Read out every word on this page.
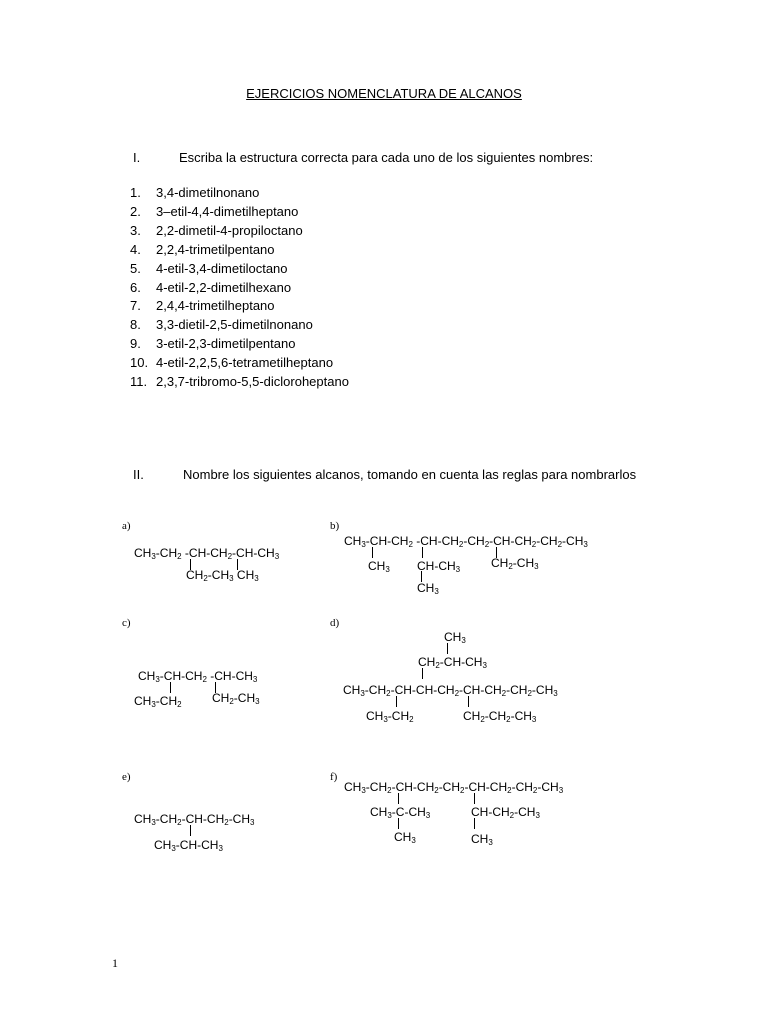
EJERCICIOS NOMENCLATURA DE ALCANOS
I.	Escriba la estructura correcta para cada uno de los siguientes nombres:
1. 3,4-dimetilnonano
2. 3–etil-4,4-dimetilheptano
3. 2,2-dimetil-4-propiloctano
4. 2,2,4-trimetilpentano
5. 4-etil-3,4-dimetiloctano
6. 4-etil-2,2-dimetilhexano
7. 2,4,4-trimetilheptano
8. 3,3-dietil-2,5-dimetilnonano
9. 3-etil-2,3-dimetilpentano
10. 4-etil-2,2,5,6-tetrametilheptano
11. 2,3,7-tribromo-5,5-dicloroheptano
II.	Nombre los siguientes alcanos, tomando en cuenta las reglas para nombrarlos
a)
$CH_3-CH_2$ $-CH-CH_2-CH-CH_3$
$CH_2-CH_3$ $CH_3$
b)
$CH_3-CH-CH_2$ $-CH-CH_2-CH_2-CH-CH_2-CH_2-CH_3$
$CH_3$ $CH-CH_3$	$CH_2-CH_3$
$CH_3$
c)
$CH_3-CH-CH_2$ $-CH-CH_3$
$CH_3-CH_2$	$CH_2-CH_3$
d)
$CH_3$
$CH_2-CH-CH_3$
$CH_3-CH_2-CH-CH-CH_2-CH-CH_2-CH_2-CH_3$
$CH_3-CH_2$	$CH_2-CH_2-CH_3$
e)
$CH_3-CH_2-CH-CH_2-CH_3$
$CH_3-CH-CH_3$
f)
$CH_3-CH_2-CH-CH_2-CH_2-CH-CH_2-CH_2-CH_3$
$CH_3-C-CH_3$	$CH-CH_2-CH_3$
$CH_3$	$CH_3$
1
